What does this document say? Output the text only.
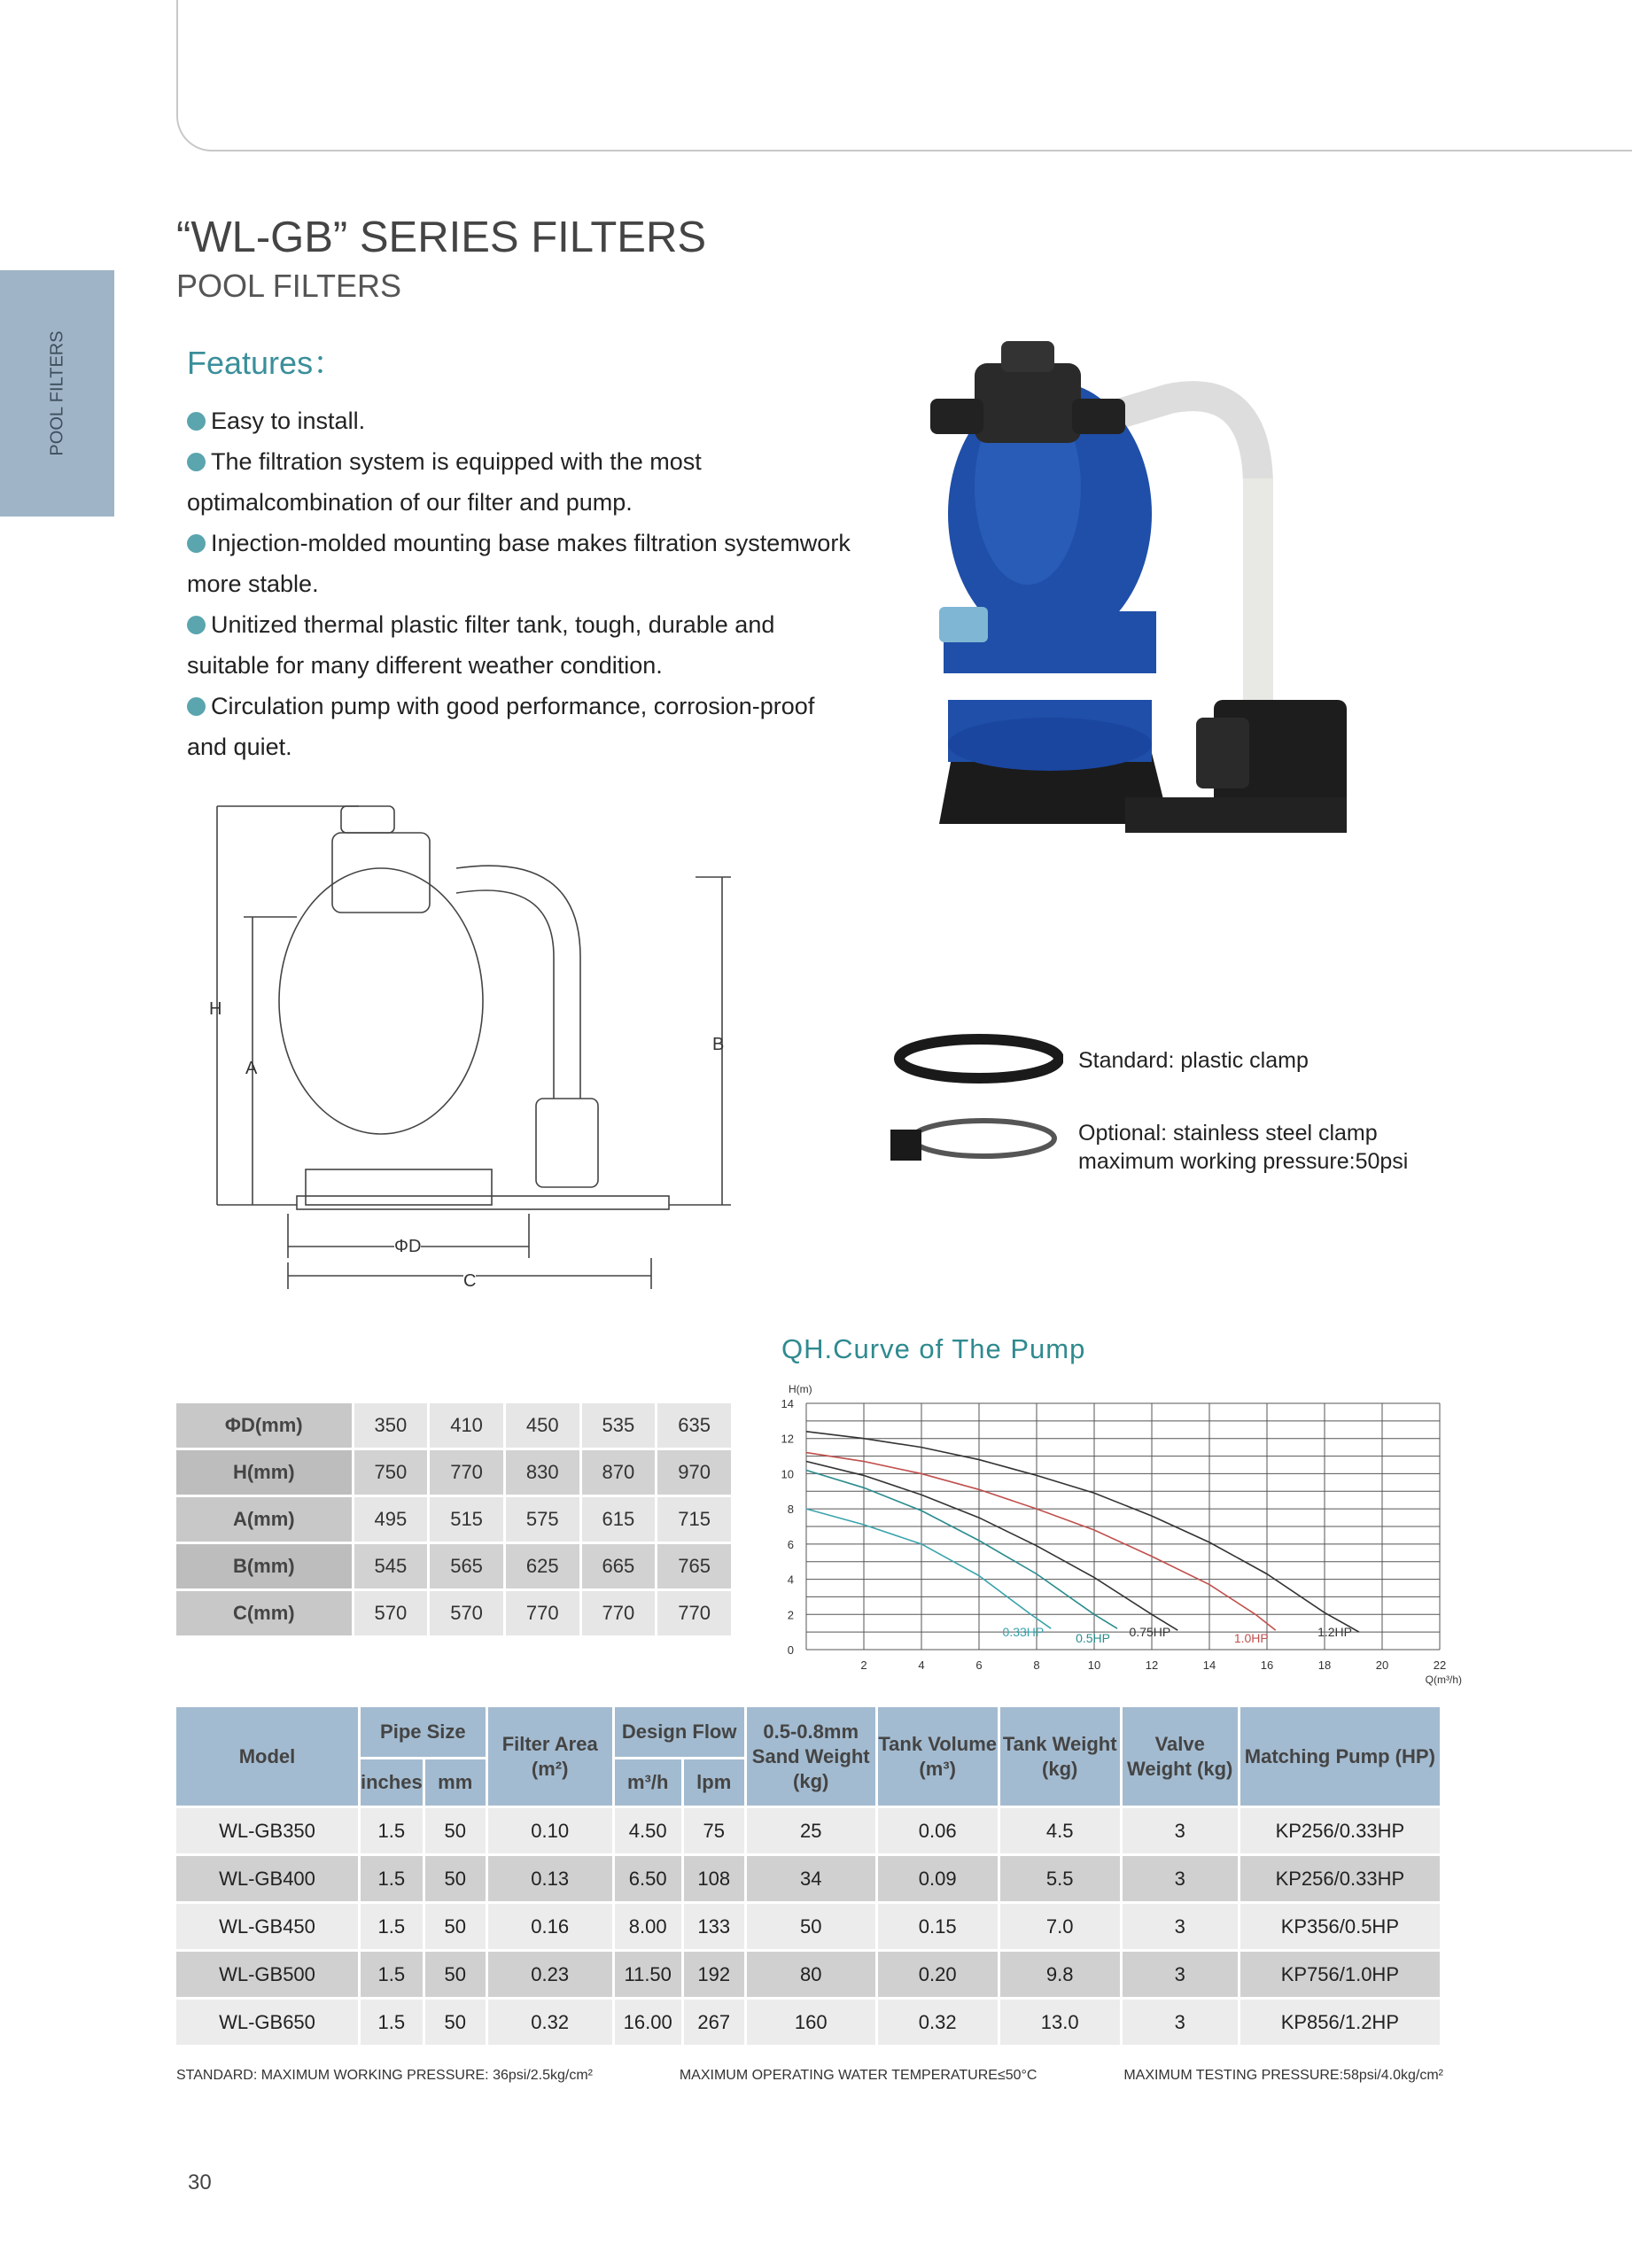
POOL FILTERS
“WL-GB” SERIES FILTERS
POOL FILTERS
Features：
Easy to install.
The filtration system is equipped with the most optimalcombination of our filter and pump.
Injection-molded mounting base makes filtration systemwork more stable.
Unitized thermal plastic filter tank, tough, durable and suitable for many different weather condition.
Circulation pump with good performance, corrosion-proof and quiet.
H
A
B
ΦD
C
Standard: plastic clamp
Optional: stainless steel clamp
maximum working pressure:50psi
QH.Curve of The Pump
0
2
4
6
8
10
12
14
2	4	6	8	10	12	14	16	18	20	22
H(m)
Q(m³/h)
0.33HP	0.5HP 0.75HP	1.0HP	1.2HP
ΦD(mm)	350	410	450	535	635
H(mm)	750	770	830	870	970
A(mm)	495	515	575	615	715
B(mm)	545	565	625	665	765
C(mm)	570	570	770	770	770
Model	Pipe Size		Filter Area (m²)	Design Flow		0.5-0.8mm Sand Weight (kg)	Tank Volume (m³)	Tank Weight (kg)	Valve Weight (kg)	Matching Pump (HP)
	inches	mm		m³/h	lpm					
WL-GB350	1.5	50	0.10	4.50	75	25	0.06	4.5	3	KP256/0.33HP
WL-GB400	1.5	50	0.13	6.50	108	34	0.09	5.5	3	KP256/0.33HP
WL-GB450	1.5	50	0.16	8.00	133	50	0.15	7.0	3	KP356/0.5HP
WL-GB500	1.5	50	0.23	11.50	192	80	0.20	9.8	3	KP756/1.0HP
WL-GB650	1.5	50	0.32	16.00	267	160	0.32	13.0	3	KP856/1.2HP
STANDARD: MAXIMUM WORKING PRESSURE: 36psi/2.5kg/cm²	MAXIMUM OPERATING WATER TEMPERATURE≤50°C	MAXIMUM TESTING PRESSURE:58psi/4.0kg/cm²
30
